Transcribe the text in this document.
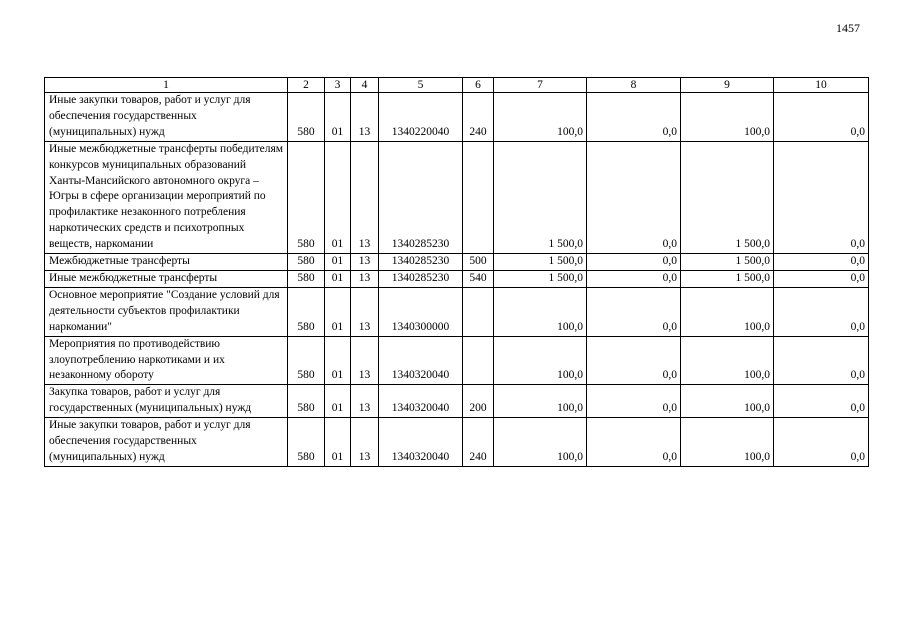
1457
1	2	3	4	5	6	7	8	9	10
Иные закупки товаров, работ и услуг для обеспечения государственных (муниципальных) нужд	580	01	13	1340220040	240	100,0	0,0	100,0	0,0
Иные межбюджетные трансферты победителям конкурсов муниципальных образований Ханты-Мансийского автономного округа – Югры в сфере организации мероприятий по профилактике незаконного потребления наркотических средств и психотропных веществ, наркомании	580	01	13	1340285230		1 500,0	0,0	1 500,0	0,0
Межбюджетные трансферты	580	01	13	1340285230	500	1 500,0	0,0	1 500,0	0,0
Иные межбюджетные трансферты	580	01	13	1340285230	540	1 500,0	0,0	1 500,0	0,0
Основное мероприятие "Создание условий для деятельности субъектов профилактики наркомании"	580	01	13	1340300000		100,0	0,0	100,0	0,0
Мероприятия по противодействию злоупотреблению наркотиками и их незаконному обороту	580	01	13	1340320040		100,0	0,0	100,0	0,0
Закупка товаров, работ и услуг для государственных (муниципальных) нужд	580	01	13	1340320040	200	100,0	0,0	100,0	0,0
Иные закупки товаров, работ и услуг для обеспечения государственных (муниципальных) нужд	580	01	13	1340320040	240	100,0	0,0	100,0	0,0
